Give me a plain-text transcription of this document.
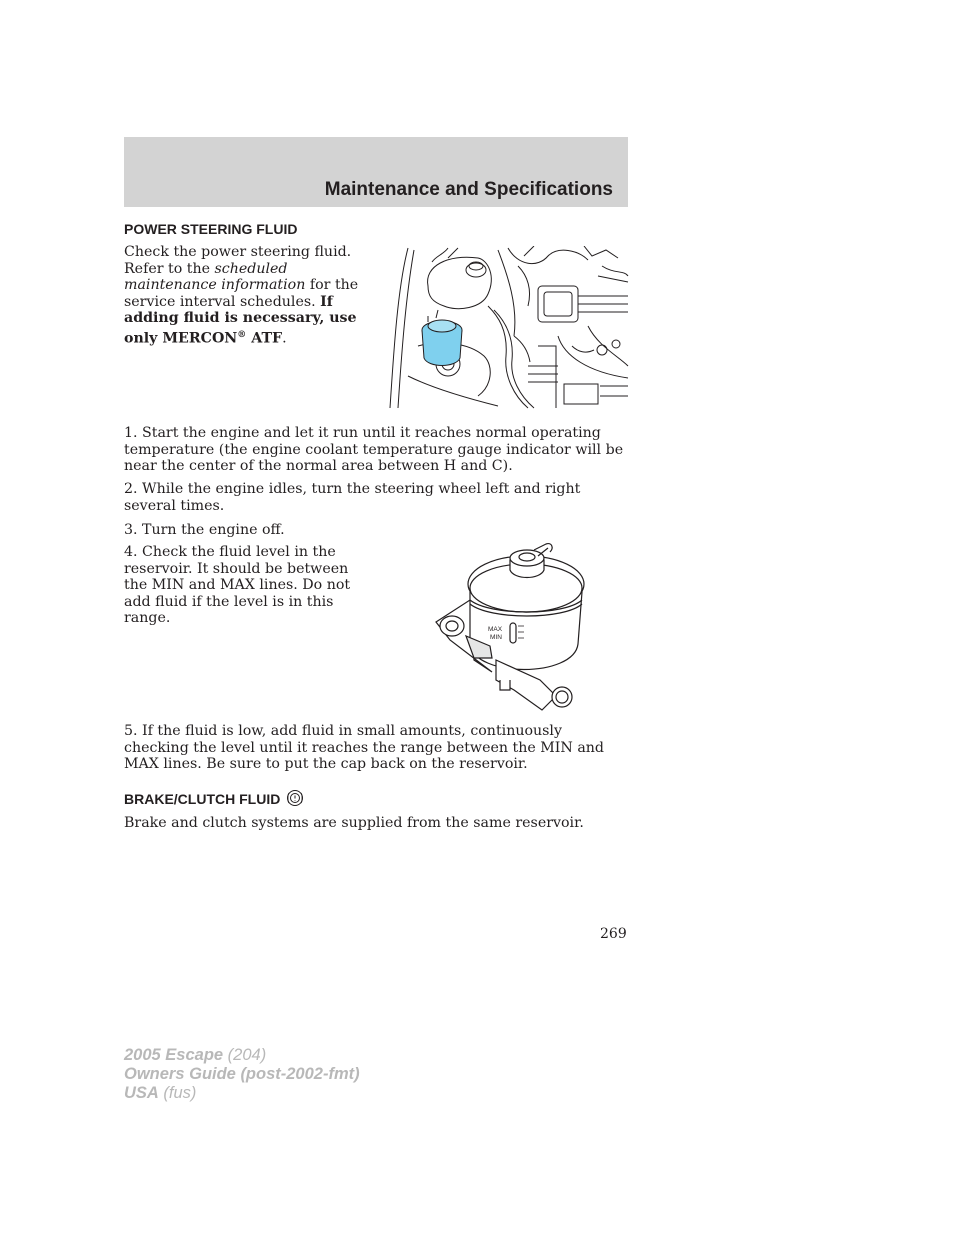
Maintenance and Specifications
POWER STEERING FLUID
Check the power steering fluid. Refer to the scheduled maintenance information for the service interval schedules. If adding fluid is necessary, use only MERCON® ATF.
1. Start the engine and let it run until it reaches normal operating temperature (the engine coolant temperature gauge indicator will be near the center of the normal area between H and C).
2. While the engine idles, turn the steering wheel left and right several times.
3. Turn the engine off.
4. Check the fluid level in the reservoir. It should be between the MIN and MAX lines. Do not add fluid if the level is in this range.
MAX
MIN
5. If the fluid is low, add fluid in small amounts, continuously checking the level until it reaches the range between the MIN and MAX lines. Be sure to put the cap back on the reservoir.
BRAKE/CLUTCH FLUID
Brake and clutch systems are supplied from the same reservoir.
269
2005 Escape (204)
Owners Guide (post-2002-fmt)
USA (fus)
